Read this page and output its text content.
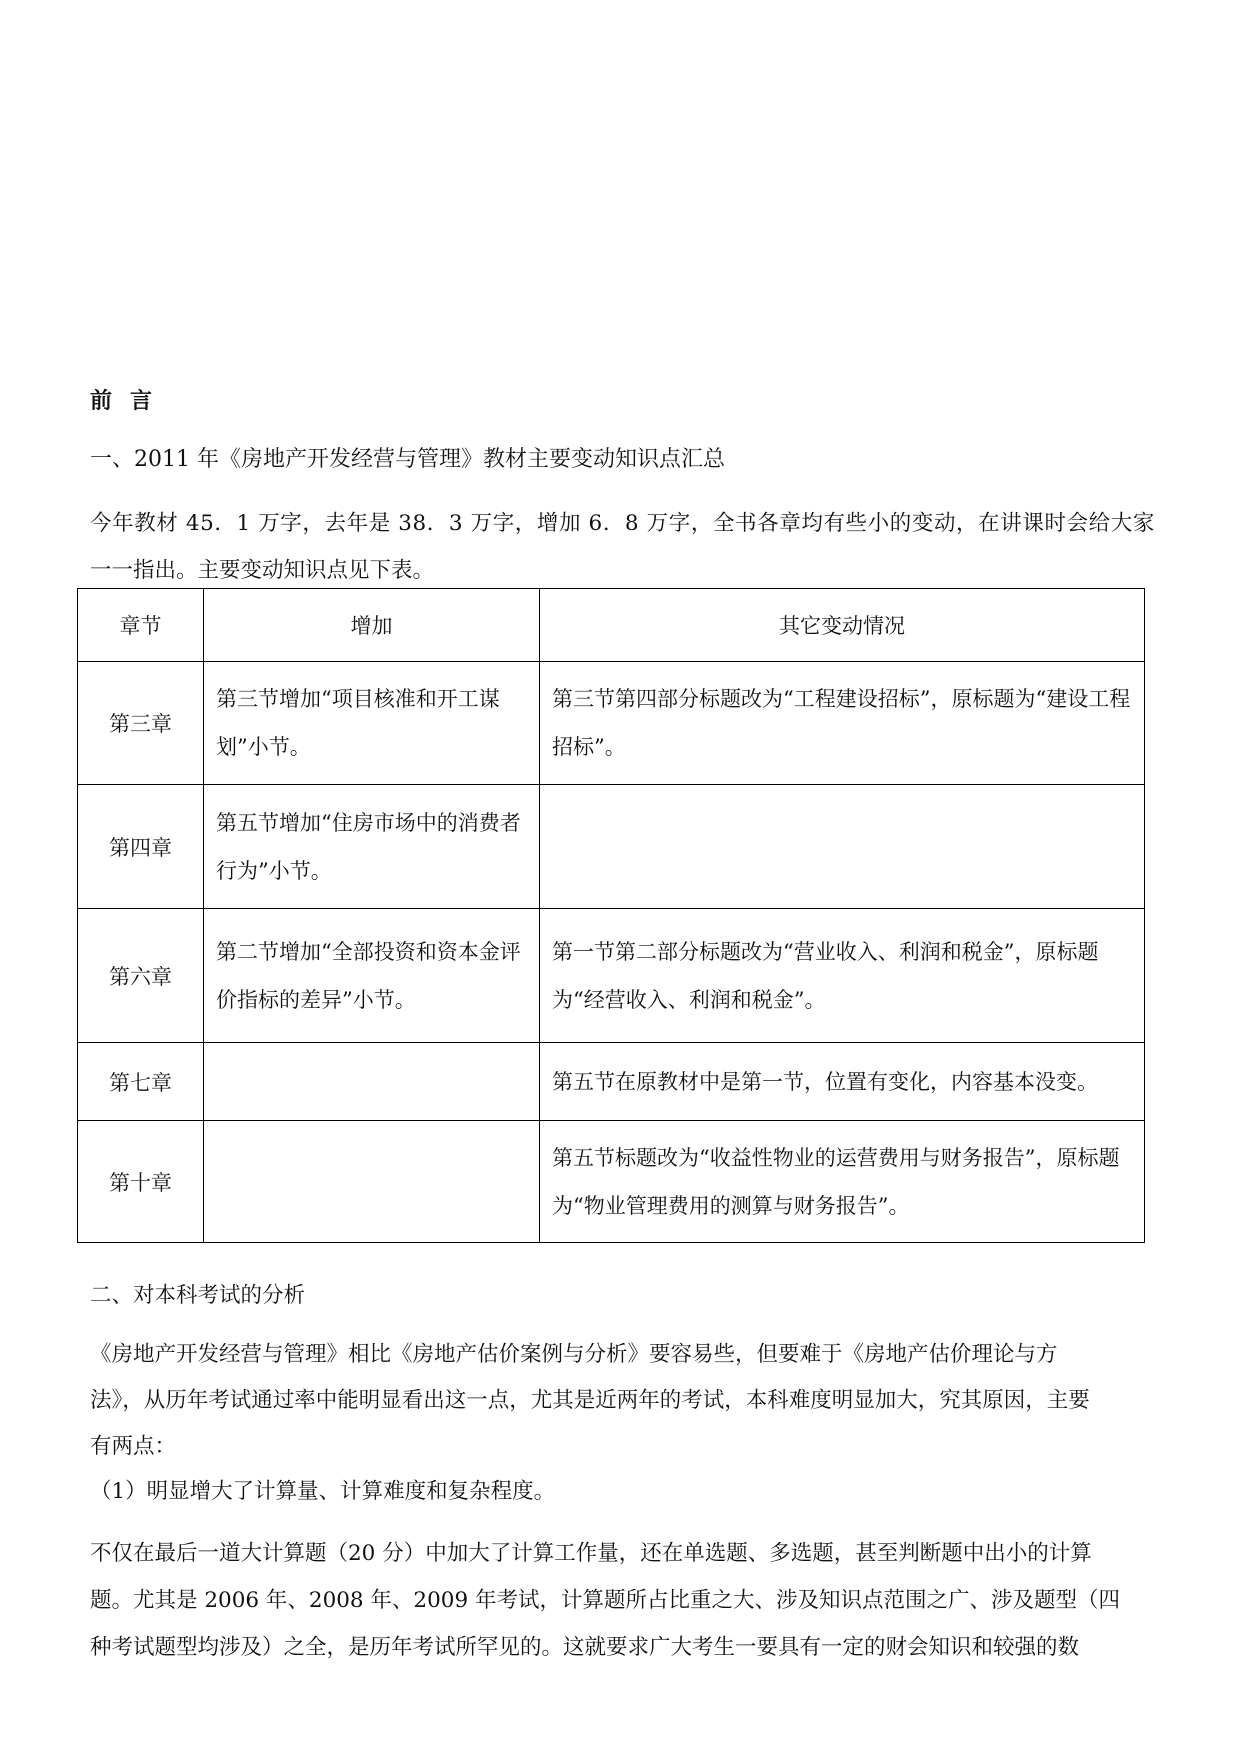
前言
一、2011 年《房地产开发经营与管理》教材主要变动知识点汇总

今年教材 45．1 万字，去年是 38．3 万字，增加 6．8 万字，全书各章均有些小的变动，在讲课时会给大家
一一指出。主要变动知识点见下表。

章节	增加	其它变动情况
第三章	第三节增加“项目核准和开工谋划”小节。	第三节第四部分标题改为“工程建设招标”，原标题为“建设工程招标”。
第四章	第五节增加“住房市场中的消费者行为”小节。	
第六章	第二节增加“全部投资和资本金评价指标的差异”小节。	第一节第二部分标题改为“营业收入、利润和税金”，原标题为“经营收入、利润和税金”。
第七章		第五节在原教材中是第一节，位置有变化，内容基本没变。
第十章		第五节标题改为“收益性物业的运营费用与财务报告”，原标题为“物业管理费用的测算与财务报告”。
二、对本科考试的分析

《房地产开发经营与管理》相比《房地产估价案例与分析》要容易些，但要难于《房地产估价理论与方
法》，从历年考试通过率中能明显看出这一点，尤其是近两年的考试，本科难度明显加大，究其原因，主要
有两点：

（1）明显增大了计算量、计算难度和复杂程度。

不仅在最后一道大计算题（20 分）中加大了计算工作量，还在单选题、多选题，甚至判断题中出小的计算
题。尤其是 2006 年、2008 年、2009 年考试，计算题所占比重之大、涉及知识点范围之广、涉及题型（四
种考试题型均涉及）之全，是历年考试所罕见的。这就要求广大考生一要具有一定的财会知识和较强的数
